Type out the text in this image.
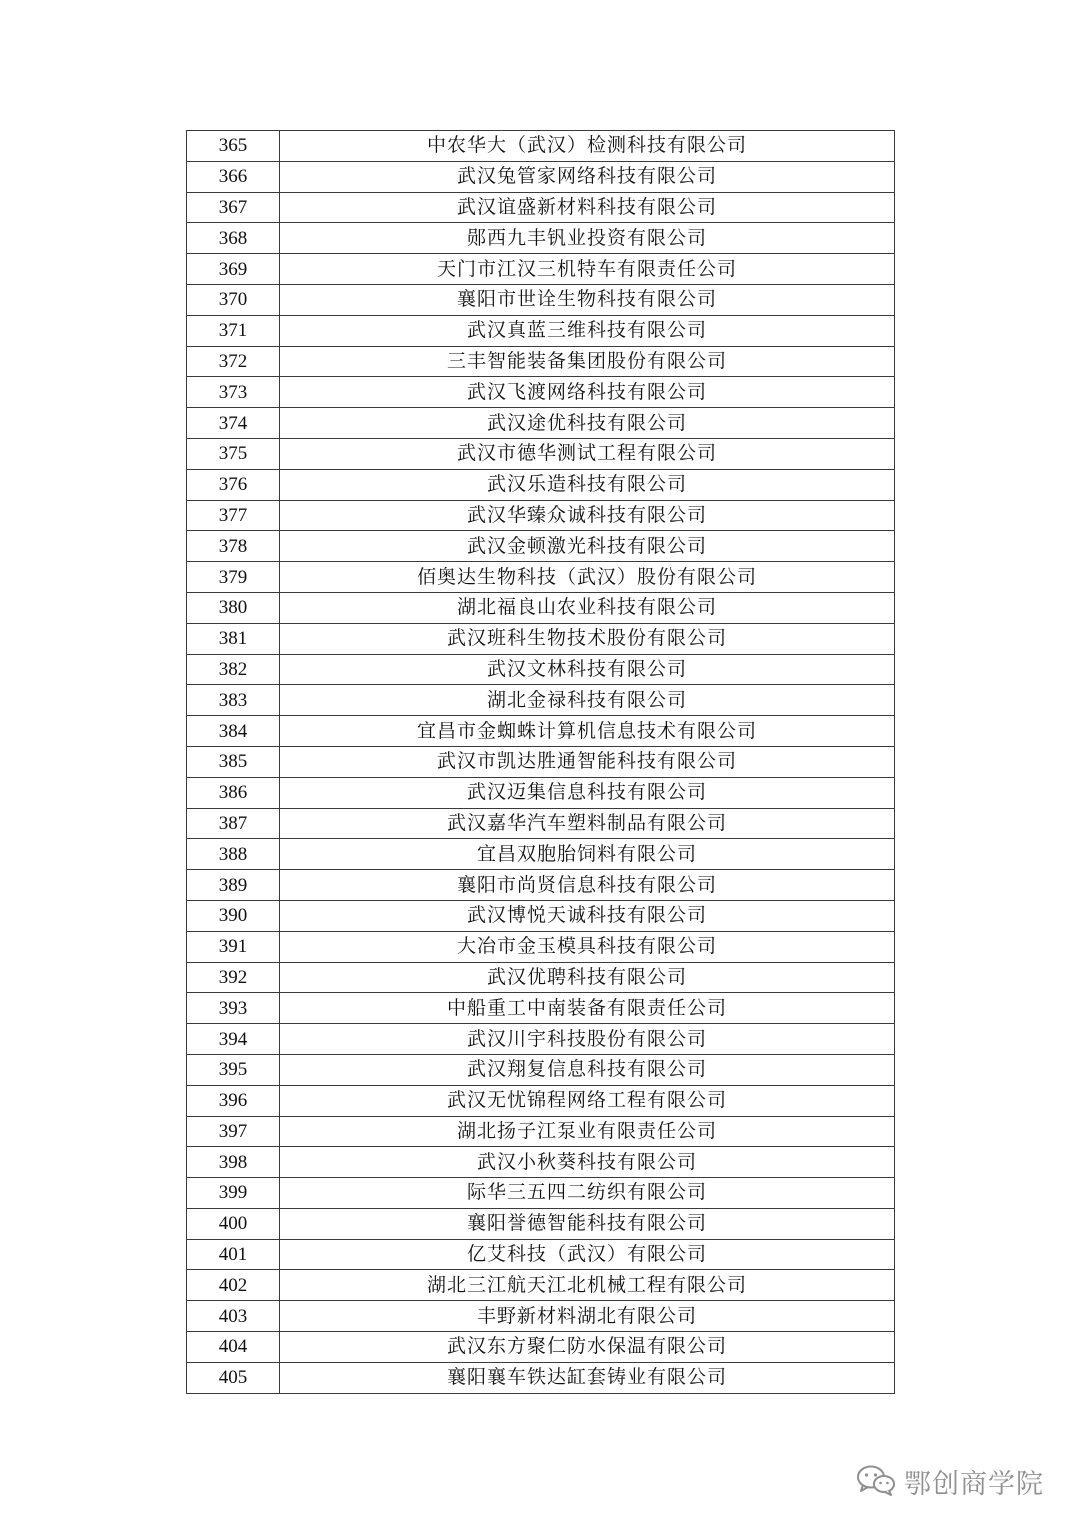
365	中农华大（武汉）检测科技有限公司
366	武汉兔管家网络科技有限公司
367	武汉谊盛新材料科技有限公司
368	郧西九丰钒业投资有限公司
369	天门市江汉三机特车有限责任公司
370	襄阳市世诠生物科技有限公司
371	武汉真蓝三维科技有限公司
372	三丰智能装备集团股份有限公司
373	武汉飞渡网络科技有限公司
374	武汉途优科技有限公司
375	武汉市德华测试工程有限公司
376	武汉乐造科技有限公司
377	武汉华臻众诚科技有限公司
378	武汉金顿激光科技有限公司
379	佰奥达生物科技（武汉）股份有限公司
380	湖北福良山农业科技有限公司
381	武汉班科生物技术股份有限公司
382	武汉文林科技有限公司
383	湖北金禄科技有限公司
384	宜昌市金蜘蛛计算机信息技术有限公司
385	武汉市凯达胜通智能科技有限公司
386	武汉迈集信息科技有限公司
387	武汉嘉华汽车塑料制品有限公司
388	宜昌双胞胎饲料有限公司
389	襄阳市尚贤信息科技有限公司
390	武汉博悦天诚科技有限公司
391	大冶市金玉模具科技有限公司
392	武汉优聘科技有限公司
393	中船重工中南装备有限责任公司
394	武汉川宇科技股份有限公司
395	武汉翔复信息科技有限公司
396	武汉无忧锦程网络工程有限公司
397	湖北扬子江泵业有限责任公司
398	武汉小秋葵科技有限公司
399	际华三五四二纺织有限公司
400	襄阳誉德智能科技有限公司
401	亿艾科技（武汉）有限公司
402	湖北三江航天江北机械工程有限公司
403	丰野新材料湖北有限公司
404	武汉东方聚仁防水保温有限公司
405	襄阳襄车铁达缸套铸业有限公司
鄂创商学院
